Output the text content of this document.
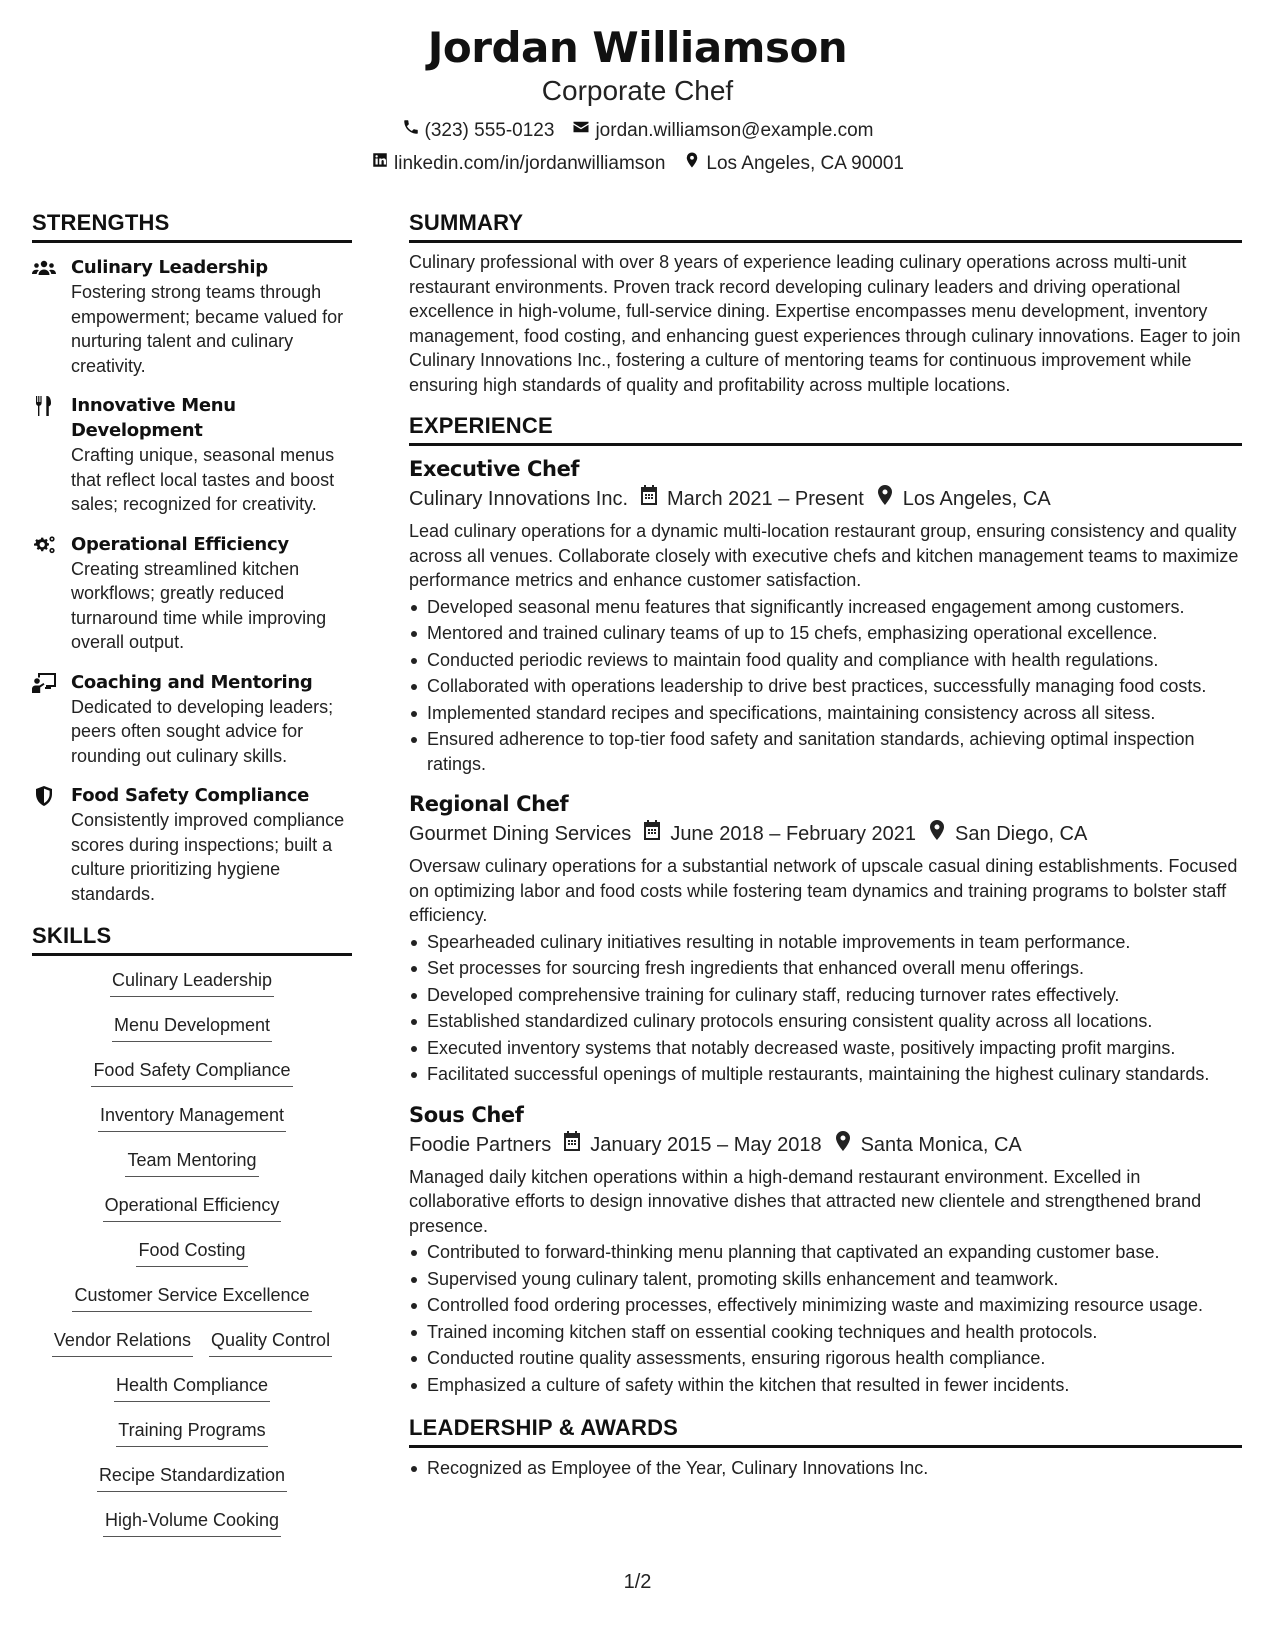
Jordan Williamson
Corporate Chef
(323) 555-0123 jordan.williamson@example.com
linkedin.com/in/jordanwilliamson Los Angeles, CA 90001
STRENGTHS
Culinary Leadership
Fostering strong teams through empowerment; became valued for nurturing talent and culinary creativity.
Innovative Menu Development
Crafting unique, seasonal menus that reflect local tastes and boost sales; recognized for creativity.
Operational Efficiency
Creating streamlined kitchen workflows; greatly reduced turnaround time while improving overall output.
Coaching and Mentoring
Dedicated to developing leaders; peers often sought advice for rounding out culinary skills.
Food Safety Compliance
Consistently improved compliance scores during inspections; built a culture prioritizing hygiene standards.
SKILLS
Culinary Leadership
Menu Development
Food Safety Compliance
Inventory Management
Team Mentoring
Operational Efficiency
Food Costing
Customer Service Excellence
Vendor Relations Quality Control
Health Compliance
Training Programs
Recipe Standardization
High-Volume Cooking
SUMMARY
Culinary professional with over 8 years of experience leading culinary operations across multi-unit restaurant environments. Proven track record developing culinary leaders and driving operational excellence in high-volume, full-service dining. Expertise encompasses menu development, inventory management, food costing, and enhancing guest experiences through culinary innovations. Eager to join Culinary Innovations Inc., fostering a culture of mentoring teams for continuous improvement while ensuring high standards of quality and profitability across multiple locations.
EXPERIENCE
Executive Chef
Culinary Innovations Inc. March 2021 – Present Los Angeles, CA
Lead culinary operations for a dynamic multi-location restaurant group, ensuring consistency and quality across all venues. Collaborate closely with executive chefs and kitchen management teams to maximize performance metrics and enhance customer satisfaction.
Developed seasonal menu features that significantly increased engagement among customers.
Mentored and trained culinary teams of up to 15 chefs, emphasizing operational excellence.
Conducted periodic reviews to maintain food quality and compliance with health regulations.
Collaborated with operations leadership to drive best practices, successfully managing food costs.
Implemented standard recipes and specifications, maintaining consistency across all sitess.
Ensured adherence to top-tier food safety and sanitation standards, achieving optimal inspection ratings.
Regional Chef
Gourmet Dining Services June 2018 – February 2021 San Diego, CA
Oversaw culinary operations for a substantial network of upscale casual dining establishments. Focused on optimizing labor and food costs while fostering team dynamics and training programs to bolster staff efficiency.
Spearheaded culinary initiatives resulting in notable improvements in team performance.
Set processes for sourcing fresh ingredients that enhanced overall menu offerings.
Developed comprehensive training for culinary staff, reducing turnover rates effectively.
Established standardized culinary protocols ensuring consistent quality across all locations.
Executed inventory systems that notably decreased waste, positively impacting profit margins.
Facilitated successful openings of multiple restaurants, maintaining the highest culinary standards.
Sous Chef
Foodie Partners January 2015 – May 2018 Santa Monica, CA
Managed daily kitchen operations within a high-demand restaurant environment. Excelled in collaborative efforts to design innovative dishes that attracted new clientele and strengthened brand presence.
Contributed to forward-thinking menu planning that captivated an expanding customer base.
Supervised young culinary talent, promoting skills enhancement and teamwork.
Controlled food ordering processes, effectively minimizing waste and maximizing resource usage.
Trained incoming kitchen staff on essential cooking techniques and health protocols.
Conducted routine quality assessments, ensuring rigorous health compliance.
Emphasized a culture of safety within the kitchen that resulted in fewer incidents.
LEADERSHIP & AWARDS
Recognized as Employee of the Year, Culinary Innovations Inc.
1/2
